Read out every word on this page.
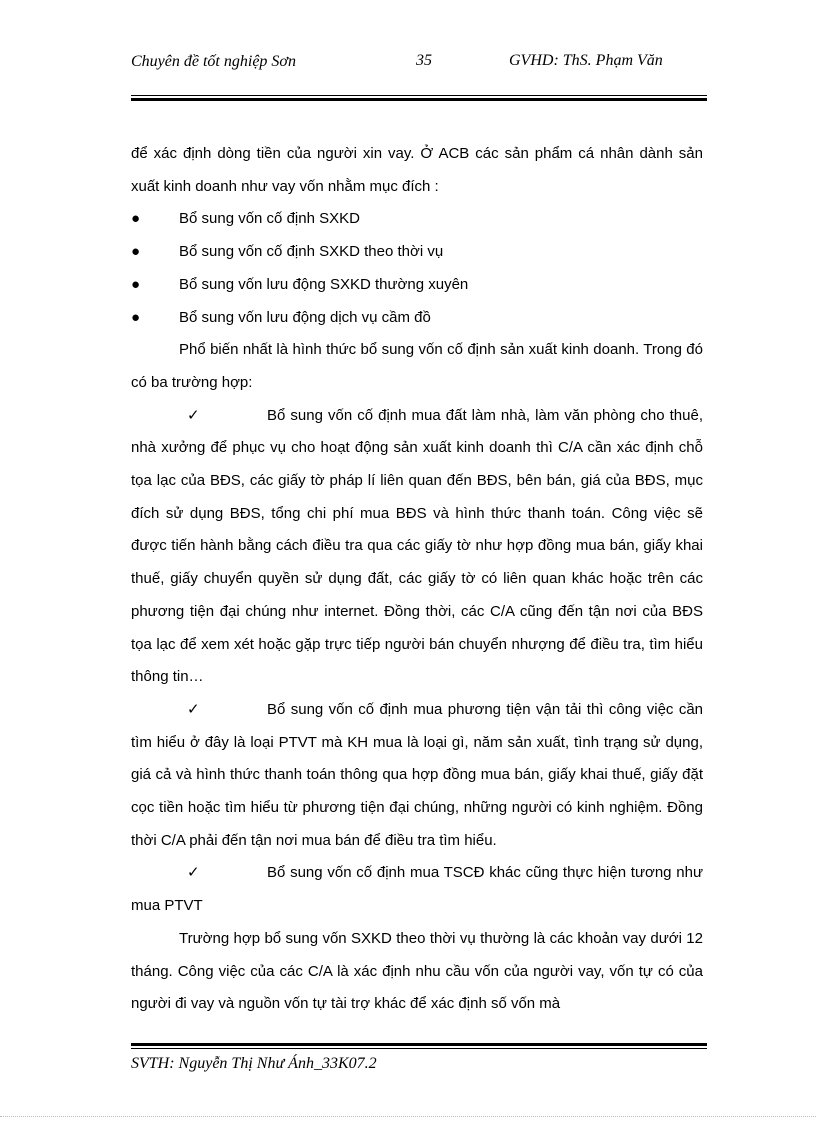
Chuyên đề tốt nghiệp Sơn	35	GVHD: ThS. Phạm Văn

để xác định dòng tiền của người xin vay. Ở ACB các sản phẩm cá nhân dành sản xuất kinh doanh như vay vốn nhằm mục đích :

●	Bổ sung vốn cố định SXKD
●	Bổ sung vốn cố định SXKD theo thời vụ
●	Bổ sung vốn lưu động SXKD thường xuyên
●	Bổ sung vốn lưu động dịch vụ cầm đồ

Phổ biến nhất là hình thức bổ sung vốn cố định sản xuất kinh doanh. Trong đó có ba trường hợp:

✓	Bổ sung vốn cố định mua đất làm nhà, làm văn phòng cho thuê, nhà xưởng để phục vụ cho hoạt động sản xuất kinh doanh thì C/A cần xác định chỗ tọa lạc của BĐS, các giấy tờ pháp lí liên quan đến BĐS, bên bán, giá của BĐS, mục đích sử dụng BĐS, tổng chi phí mua BĐS và hình thức thanh toán. Công việc sẽ được tiến hành bằng cách điều tra qua các giấy tờ như hợp đồng mua bán, giấy khai thuế, giấy chuyển quyền sử dụng đất, các giấy tờ có liên quan khác hoặc trên các phương tiện đại chúng như internet. Đồng thời, các C/A cũng đến tận nơi của BĐS tọa lạc để xem xét hoặc gặp trực tiếp người bán chuyển nhượng để điều tra, tìm hiểu thông tin…

✓	Bổ sung vốn cố định mua phương tiện vận tải thì công việc cần tìm hiểu ở đây là loại PTVT mà KH mua là loại gì, năm sản xuất, tình trạng sử dụng, giá cả và hình thức thanh toán thông qua hợp đồng mua bán, giấy khai thuế, giấy đặt cọc tiền hoặc tìm hiểu từ phương tiện đại chúng, những người có kinh nghiệm. Đồng thời C/A phải đến tận nơi mua bán để điều tra tìm hiểu.

✓	Bổ sung vốn cố định mua TSCĐ khác cũng thực hiện tương như mua PTVT

Trường hợp bổ sung vốn SXKD theo thời vụ thường là các khoản vay dưới 12 tháng. Công việc của các C/A là xác định nhu cầu vốn của người vay, vốn tự có của người đi vay và nguồn vốn tự tài trợ khác để xác định số vốn mà

SVTH: Nguyễn Thị Như Ánh_33K07.2
